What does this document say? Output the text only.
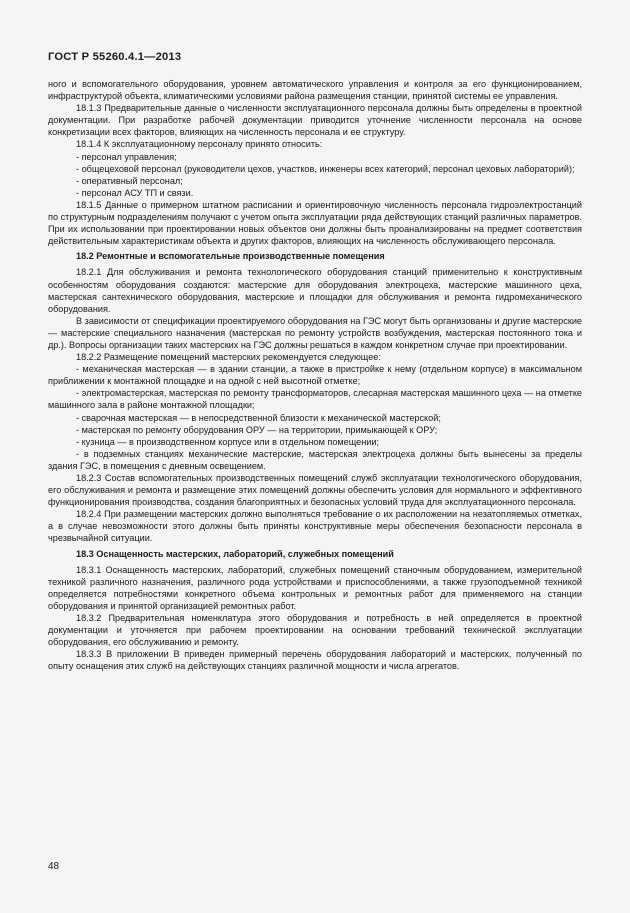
ГОСТ Р 55260.4.1—2013

ного и вспомогательного оборудования, уровнем автоматического управления и контроля за его функционированием, инфраструктурой объекта, климатическими условиями района размещения станции, принятой системы ее управления.

18.1.3 Предварительные данные о численности эксплуатационного персонала должны быть определены в проектной документации. При разработке рабочей документации приводится уточнение численности персонала на основе конкретизации всех факторов, влияющих на численность персонала и ее структуру.

18.1.4 К эксплуатационному персоналу принято относить:

- персонал управления;

- общецеховой персонал (руководители цехов, участков, инженеры всех категорий, персонал цеховых лабораторий);

- оперативный персонал;

- персонал АСУ ТП и связи.

18.1.5 Данные о примерном штатном расписании и ориентировочную численность персонала гидроэлектростанций по структурным подразделениям получают с учетом опыта эксплуатации ряда действующих станций различных параметров. При их использовании при проектировании новых объектов они должны быть проанализированы на предмет соответствия действительным характеристикам объекта и других факторов, влияющих на численность обслуживающего персонала.

18.2 Ремонтные и вспомогательные производственные помещения

18.2.1 Для обслуживания и ремонта технологического оборудования станций применительно к конструктивным особенностям оборудования создаются: мастерские для оборудования электроцеха, мастерские машинного цеха, мастерская сантехнического оборудования, мастерские и площадки для обслуживания и ремонта гидромеханического оборудования.

В зависимости от спецификации проектируемого оборудования на ГЭС могут быть организованы и другие мастерские — мастерские специального назначения (мастерская по ремонту устройств возбуждения, мастерская постоянного тока и др.). Вопросы организации таких мастерских на ГЭС должны решаться в каждом конкретном случае при проектировании.

18.2.2 Размещение помещений мастерских рекомендуется следующее:

- механическая мастерская — в здании станции, а также в пристройке к нему (отдельном корпусе) в максимальном приближении к монтажной площадке и на одной с ней высотной отметке;

- электромастерская, мастерская по ремонту трансформаторов, слесарная мастерская машинного цеха — на отметке машинного зала в районе монтажной площадки;

- сварочная мастерская — в непосредственной близости к механической мастерской;

- мастерская по ремонту оборудования ОРУ — на территории, примыкающей к ОРУ;

- кузница — в производственном корпусе или в отдельном помещении;

- в подземных станциях механические мастерские, мастерская электроцеха должны быть вынесены за пределы здания ГЭС, в помещения с дневным освещением.

18.2.3 Состав вспомогательных производственных помещений служб эксплуатации технологического оборудования, его обслуживания и ремонта и размещение этих помещений должны обеспечить условия для нормального и эффективного функционирования производства, создания благоприятных и безопасных условий труда для эксплуатационного персонала.

18.2.4 При размещении мастерских должно выполняться требование о их расположении на незатопляемых отметках, а в случае невозможности этого должны быть приняты конструктивные меры обеспечения безопасности персонала в чрезвычайной ситуации.

18.3 Оснащенность мастерских, лабораторий, служебных помещений

18.3.1 Оснащенность мастерских, лабораторий, служебных помещений станочным оборудованием, измерительной техникой различного назначения, различного рода устройствами и приспособлениями, а также грузоподъемной техникой определяется потребностями конкретного объема контрольных и ремонтных работ для применяемого на станции оборудования и принятой организацией ремонтных работ.

18.3.2 Предварительная номенклатура этого оборудования и потребность в ней определяется в проектной документации и уточняется при рабочем проектировании на основании требований технической эксплуатации оборудования, его обслуживанию и ремонту.

18.3.3 В приложении В приведен примерный перечень оборудования лабораторий и мастерских, полученный по опыту оснащения этих служб на действующих станциях различной мощности и числа агрегатов.

48
